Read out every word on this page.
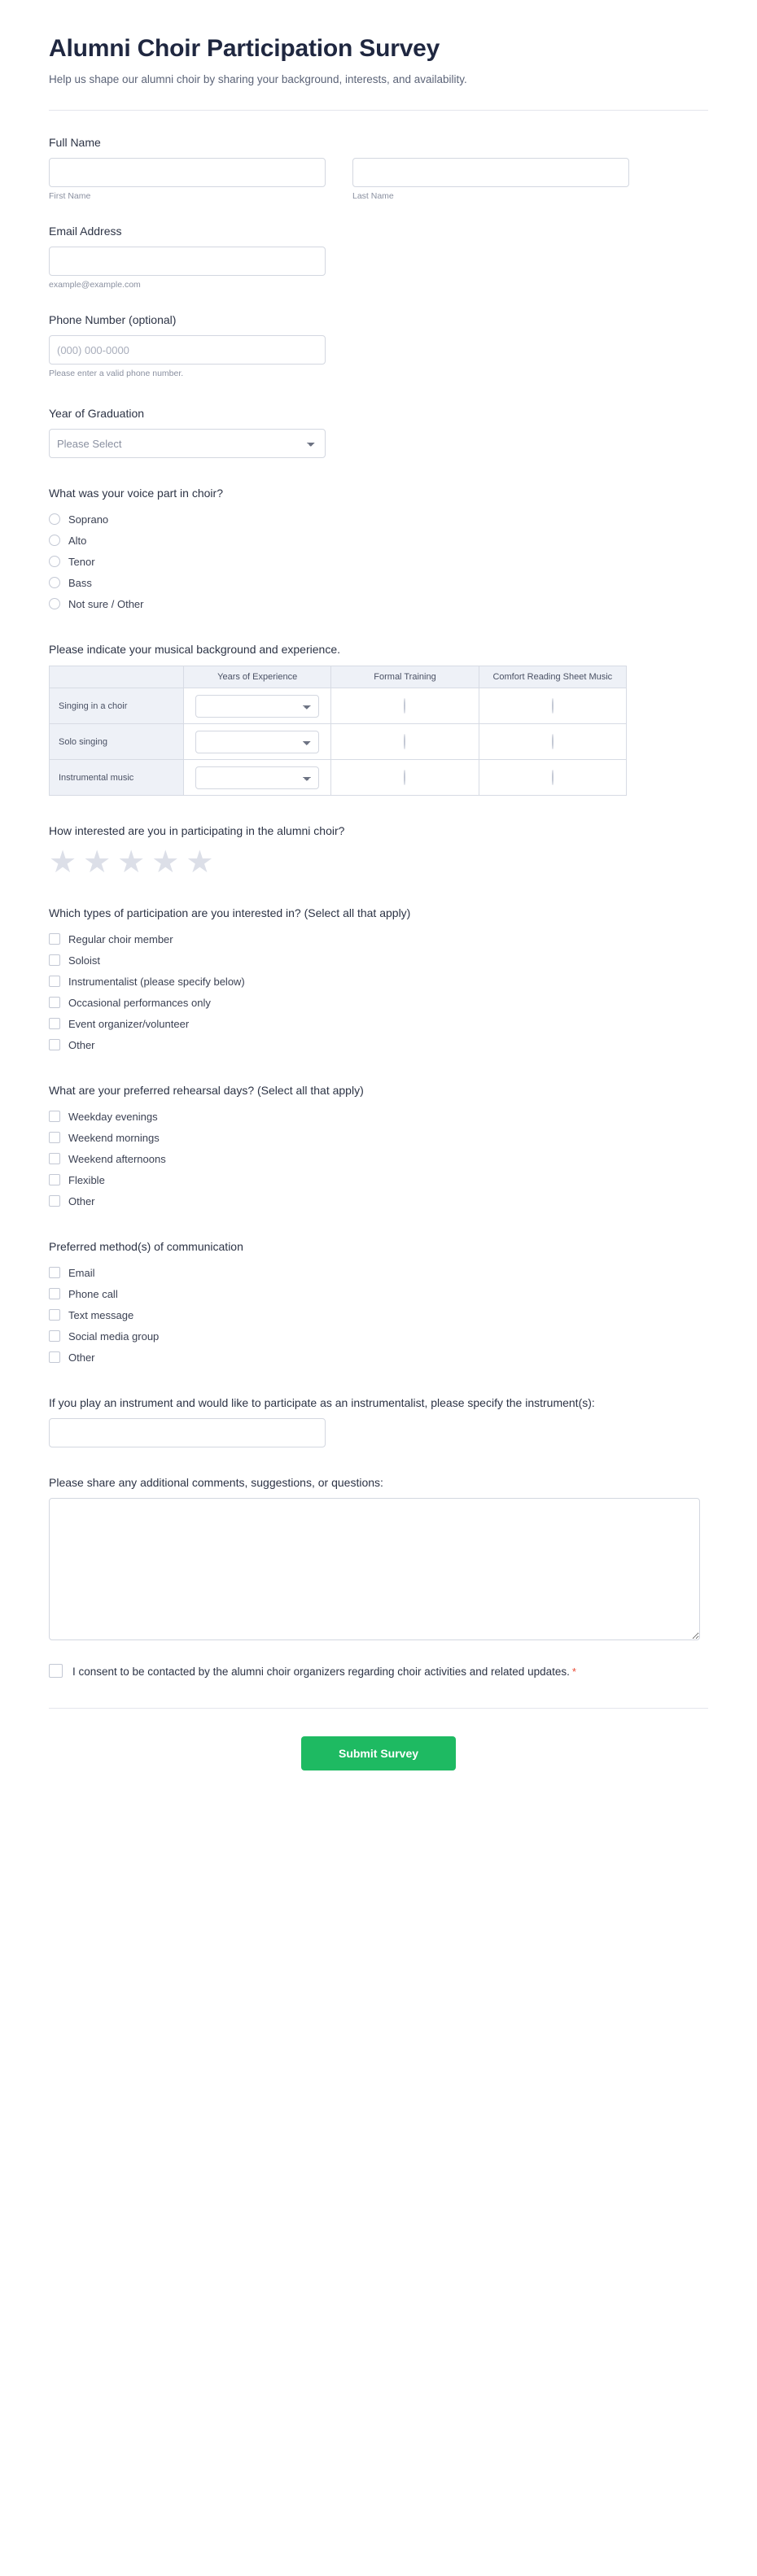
Alumni Choir Participation Survey

Help us shape our alumni choir by sharing your background, interests, and availability.

Full Name
First Name	Last Name
Email Address
example@example.com
Phone Number (optional)
(000) 000-0000
Please enter a valid phone number.
Year of Graduation
Please Select
What was your voice part in choir?
Soprano
Alto
Tenor
Bass
Not sure / Other
Please indicate your musical background and experience.
	Years of Experience	Formal Training	Comfort Reading Sheet Music
Singing in a choir	

Solo singing	

Instrumental music	

How interested are you in participating in the alumni choir?
★ ★ ★ ★ ★
Which types of participation are you interested in? (Select all that apply)
Regular choir member
Soloist
Instrumentalist (please specify below)
Occasional performances only
Event organizer/volunteer
Other
What are your preferred rehearsal days? (Select all that apply)
Weekday evenings
Weekend mornings
Weekend afternoons
Flexible
Other
Preferred method(s) of communication
Email
Phone call
Text message
Social media group
Other
If you play an instrument and would like to participate as an instrumentalist, please specify the instrument(s):
Please share any additional comments, suggestions, or questions:
I consent to be contacted by the alumni choir organizers regarding choir activities and related updates. *
Submit Survey
